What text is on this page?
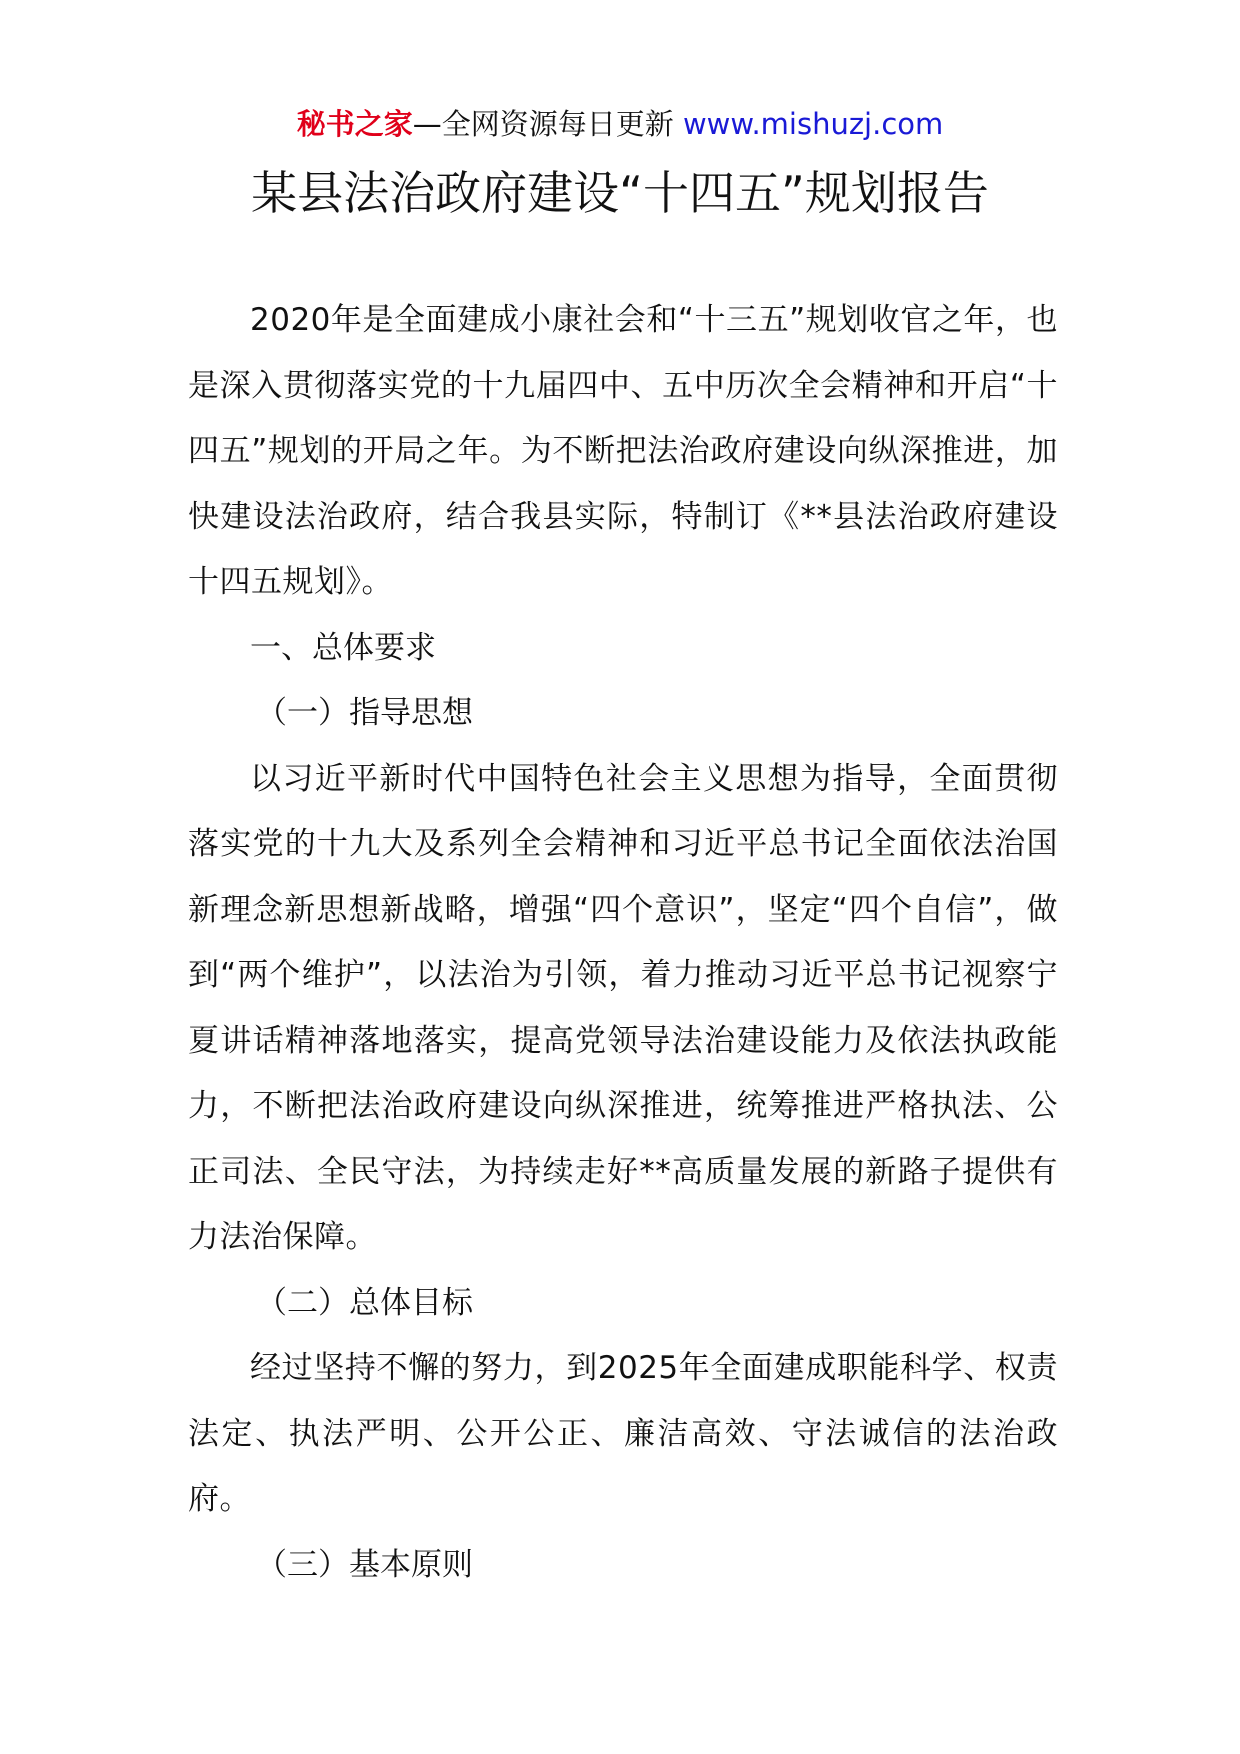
秘书之家—全网资源每日更新 www.mishuzj.com
某县法治政府建设“十四五”规划报告

2020年是全面建成小康社会和“十三五”规划收官之年，也是深入贯彻落实党的十九届四中、五中历次全会精神和开启“十四五”规划的开局之年。为不断把法治政府建设向纵深推进，加快建设法治政府，结合我县实际，特制订《**县法治政府建设十四五规划》。

一、总体要求

（一）指导思想

以习近平新时代中国特色社会主义思想为指导，全面贯彻落实党的十九大及系列全会精神和习近平总书记全面依法治国新理念新思想新战略，增强“四个意识”，坚定“四个自信”，做到“两个维护”，以法治为引领，着力推动习近平总书记视察宁夏讲话精神落地落实，提高党领导法治建设能力及依法执政能力，不断把法治政府建设向纵深推进，统筹推进严格执法、公正司法、全民守法，为持续走好**高质量发展的新路子提供有力法治保障。

（二）总体目标

经过坚持不懈的努力，到2025年全面建成职能科学、权责法定、执法严明、公开公正、廉洁高效、守法诚信的法治政府。

（三）基本原则
